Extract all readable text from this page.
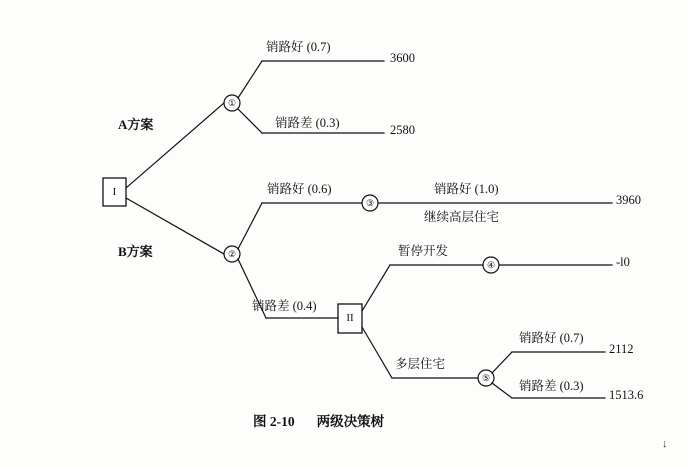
I
II
①
②
③
④
⑤
A方案
B方案
销路好 (0.7)
销路差 (0.3)
销路好 (0.6)
销路差 (0.4)
销路好 (1.0)
继续高层住宅
暂停开发
多层住宅
销路好 (0.7)
销路差 (0.3)
3600
2580
3960
-l0
2112
1513.6
图 2-10 两级决策树
↓
